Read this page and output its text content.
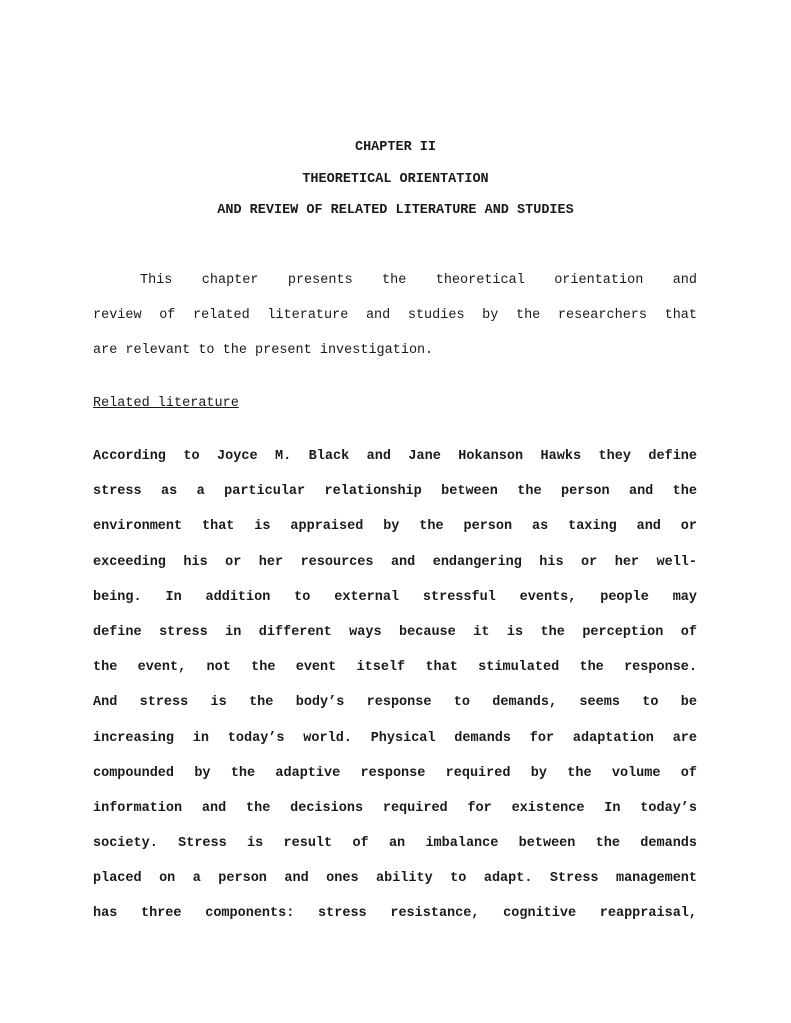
CHAPTER II
THEORETICAL ORIENTATION
AND REVIEW OF RELATED LITERATURE AND STUDIES
This chapter presents the theoretical orientation and
review of related literature and studies by the researchers that
are relevant to the present investigation.
Related literature
According to Joyce M. Black and Jane Hokanson Hawks they define
stress as a particular relationship between the person and the
environment that is appraised by the person as taxing and or
exceeding his or her resources and endangering his or her well-
being. In addition to external stressful events, people may
define stress in different ways because it is the perception of
the event, not the event itself that stimulated the response.
And stress is the body’s response to demands, seems to be
increasing in today’s world. Physical demands for adaptation are
compounded by the adaptive response required by the volume of
information and the decisions required for existence In today’s
society. Stress is result of an imbalance between the demands
placed on a person and ones ability to adapt. Stress management
has three components: stress resistance, cognitive reappraisal,
